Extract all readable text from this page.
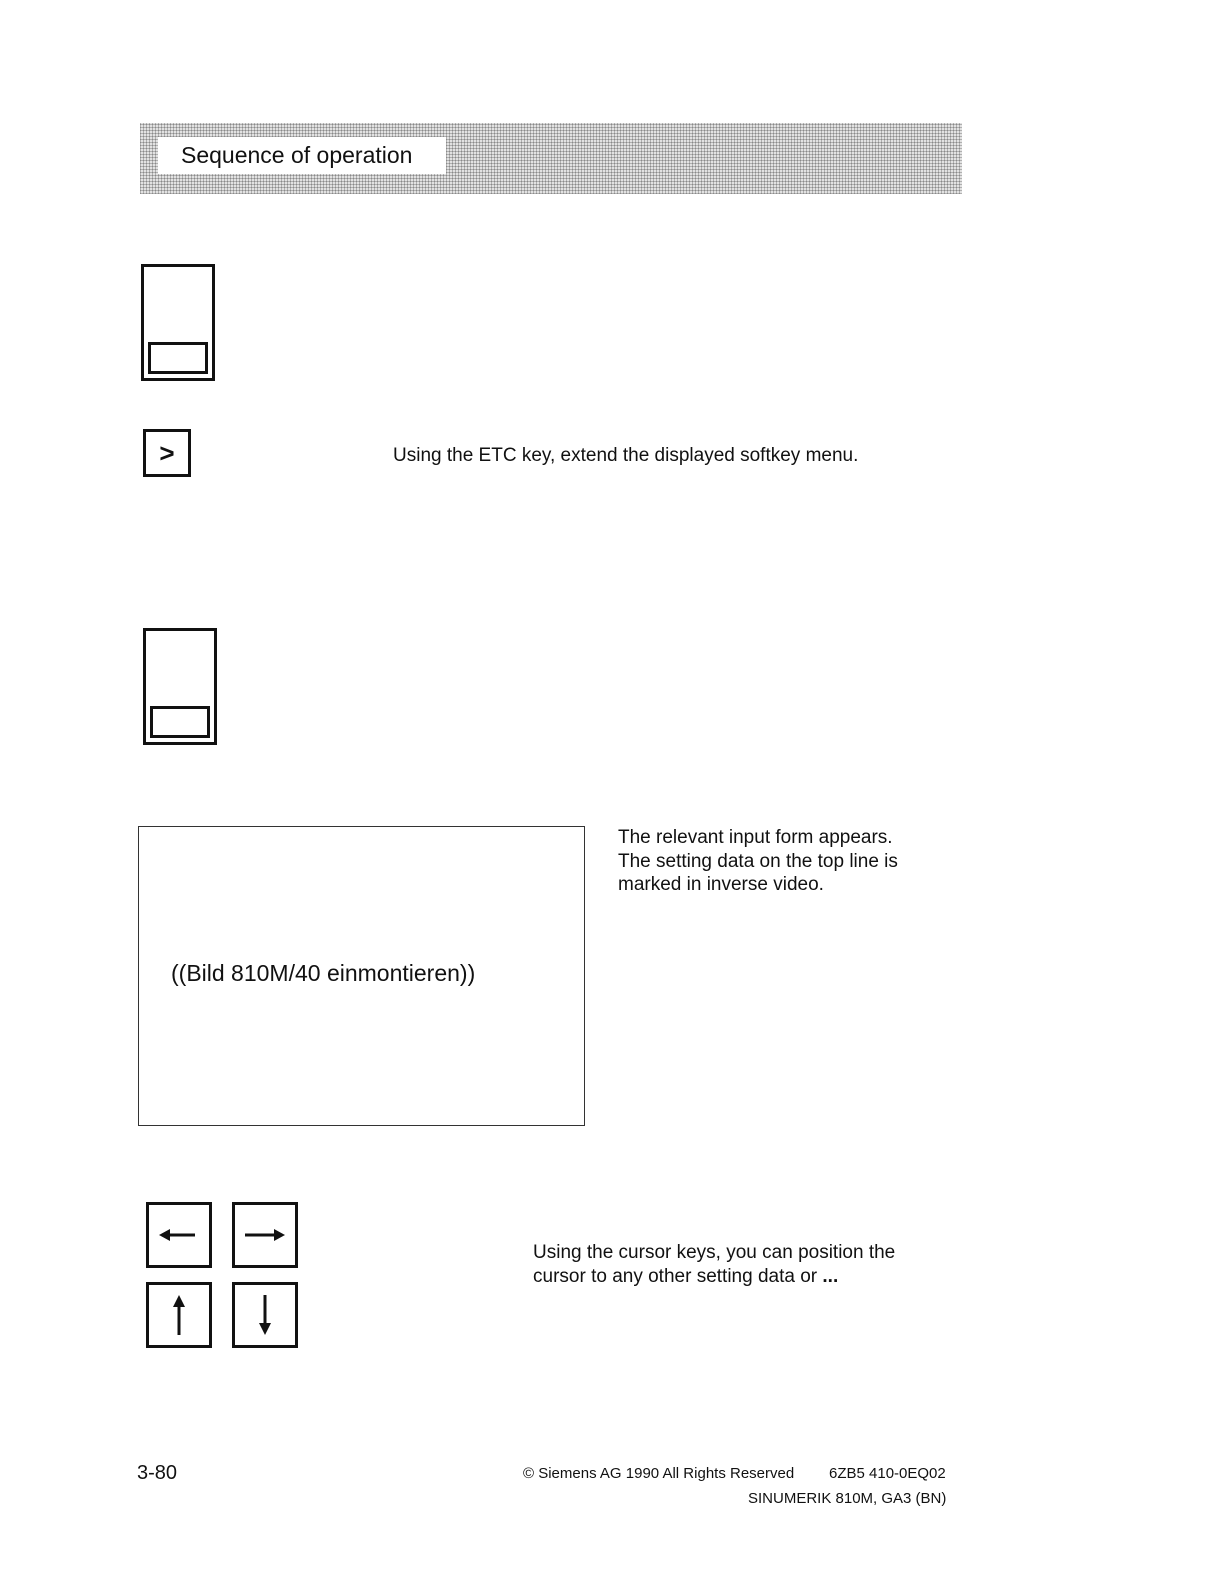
Sequence of operation
>	Using the ETC key, extend the displayed softkey menu.
((Bild 810M/40 einmontieren))
The relevant input form appears.
The setting data on the top line is
marked in inverse video.
Using the cursor keys, you can position the
cursor to any other setting data or ...
3-80	© Siemens AG 1990 All Rights Reserved 6ZB5 410-0EQ02
SINUMERIK 810M, GA3 (BN)
